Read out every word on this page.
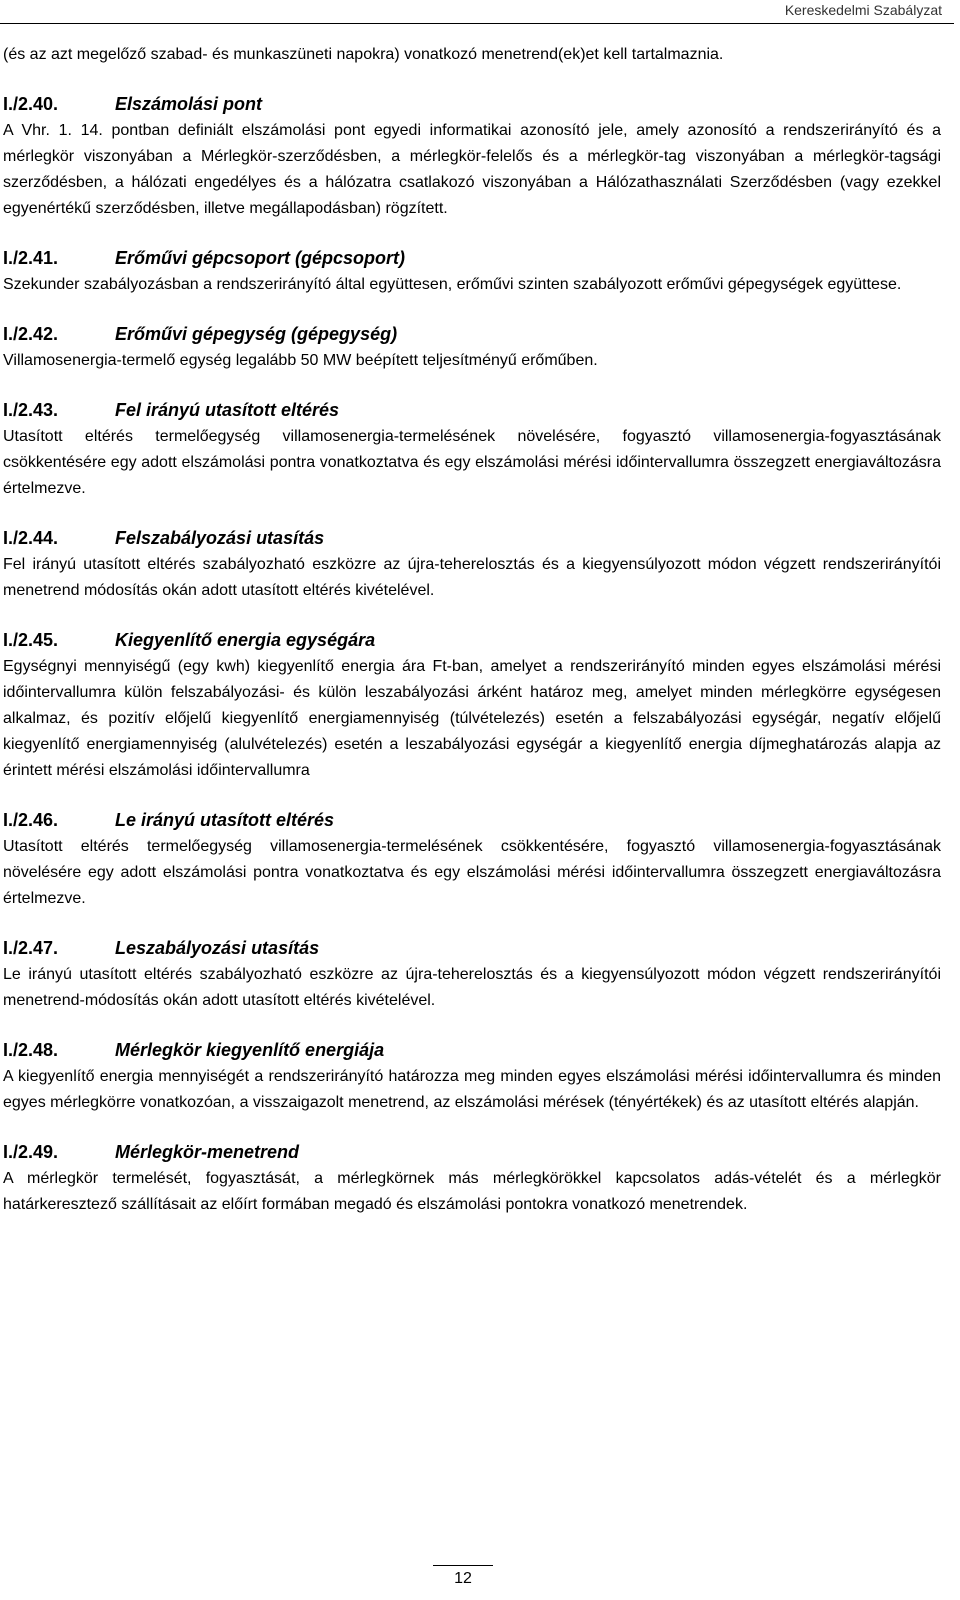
Kereskedelmi Szabályzat

(és az azt megelőző szabad- és munkaszüneti napokra) vonatkozó menetrend(ek)et kell tartalmaznia.

I./2.40.	Elszámolási pont

A Vhr. 1. 14. pontban definiált elszámolási pont egyedi informatikai azonosító jele, amely azonosító a rendszerirányító és a mérlegkör viszonyában a Mérlegkör-szerződésben, a mérlegkör-felelős és a mérlegkör-tag viszonyában a mérlegkör-tagsági szerződésben, a hálózati engedélyes és a hálózatra csatlakozó viszonyában a Hálózathasználati Szerződésben (vagy ezekkel egyenértékű szerződésben, illetve megállapodásban) rögzített.

I./2.41.	Erőművi gépcsoport (gépcsoport)

Szekunder szabályozásban a rendszerirányító által együttesen, erőművi szinten szabályozott erőművi gépegységek együttese.

I./2.42.	Erőművi gépegység (gépegység)

Villamosenergia-termelő egység legalább 50 MW beépített teljesítményű erőműben.

I./2.43.	Fel irányú utasított eltérés

Utasított eltérés termelőegység villamosenergia-termelésének növelésére, fogyasztó villamosenergia-fogyasztásának csökkentésére egy adott elszámolási pontra vonatkoztatva és egy elszámolási mérési időintervallumra összegzett energiaváltozásra értelmezve.

I./2.44.	Felszabályozási utasítás

Fel irányú utasított eltérés szabályozható eszközre az újra-teherelosztás és a kiegyensúlyozott módon végzett rendszerirányítói menetrend módosítás okán adott utasított eltérés kivételével.

I./2.45.	Kiegyenlítő energia egységára

Egységnyi mennyiségű (egy kwh) kiegyenlítő energia ára Ft-ban, amelyet a rendszerirányító minden egyes elszámolási mérési időintervallumra külön felszabályozási- és külön leszabályozási árként határoz meg, amelyet minden mérlegkörre egységesen alkalmaz, és pozitív előjelű kiegyenlítő energiamennyiség (túlvételezés) esetén a felszabályozási egységár, negatív előjelű kiegyenlítő energiamennyiség (alulvételezés) esetén a leszabályozási egységár a kiegyenlítő energia díjmeghatározás alapja az érintett mérési elszámolási időintervallumra

I./2.46.	Le irányú utasított eltérés

Utasított eltérés termelőegység villamosenergia-termelésének csökkentésére, fogyasztó villamosenergia-fogyasztásának növelésére egy adott elszámolási pontra vonatkoztatva és egy elszámolási mérési időintervallumra összegzett energiaváltozásra értelmezve.

I./2.47.	Leszabályozási utasítás

Le irányú utasított eltérés szabályozható eszközre az újra-teherelosztás és a kiegyensúlyozott módon végzett rendszerirányítói menetrend-módosítás okán adott utasított eltérés kivételével.

I./2.48.	Mérlegkör kiegyenlítő energiája

A kiegyenlítő energia mennyiségét a rendszerirányító határozza meg minden egyes elszámolási mérési időintervallumra és minden egyes mérlegkörre vonatkozóan, a visszaigazolt menetrend, az elszámolási mérések (tényértékek) és az utasított eltérés alapján.

I./2.49.	Mérlegkör-menetrend

A mérlegkör termelését, fogyasztását, a mérlegkörnek más mérlegkörökkel kapcsolatos adás-vételét és a mérlegkör határkeresztező szállításait az előírt formában megadó és elszámolási pontokra vonatkozó menetrendek.

12
